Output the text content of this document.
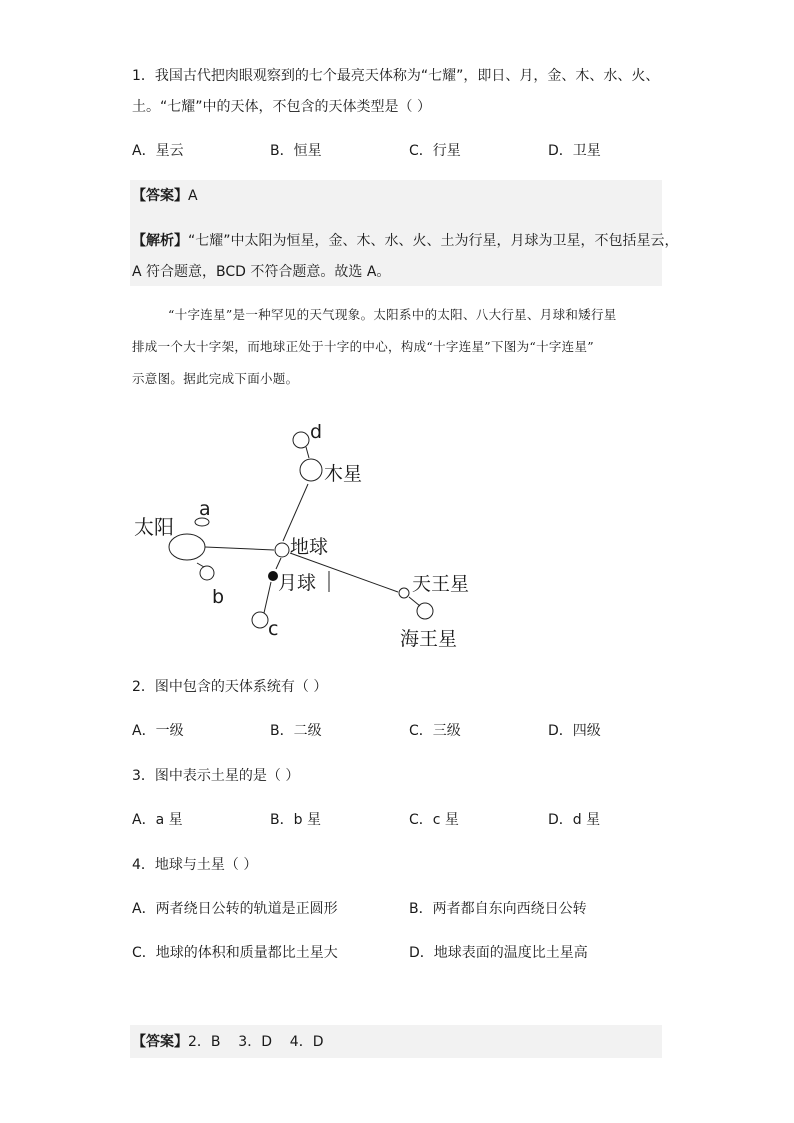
1．我国古代把肉眼观察到的七个最亮天体称为“七耀”，即日、月，金、木、水、火、
土。“七耀”中的天体，不包含的天体类型是（ ）
A．星云	B．恒星	C．行星	D．卫星
【答案】A
【解析】“七耀”中太阳为恒星，金、木、水、火、土为行星，月球为卫星，不包括星云，
A 符合题意，BCD 不符合题意。故选 A。
“十字连星”是一种罕见的天气现象。太阳系中的太阳、八大行星、月球和矮行星
排成一个大十字架，而地球正处于十字的中心，构成“十字连星”下图为“十字连星”
示意图。据此完成下面小题。
d
木星
a
太阳
地球
月球
b
c
天王星
海王星
2．图中包含的天体系统有（ ）
A．一级	B．二级	C．三级	D．四级
3．图中表示土星的是（ ）
A．a 星	B．b 星	C．c 星	D．d 星
4．地球与土星（ ）
A．两者绕日公转的轨道是正圆形	B．两者都自东向西绕日公转
C．地球的体积和质量都比土星大	D．地球表面的温度比土星高
【答案】2．B    3．D    4．D
